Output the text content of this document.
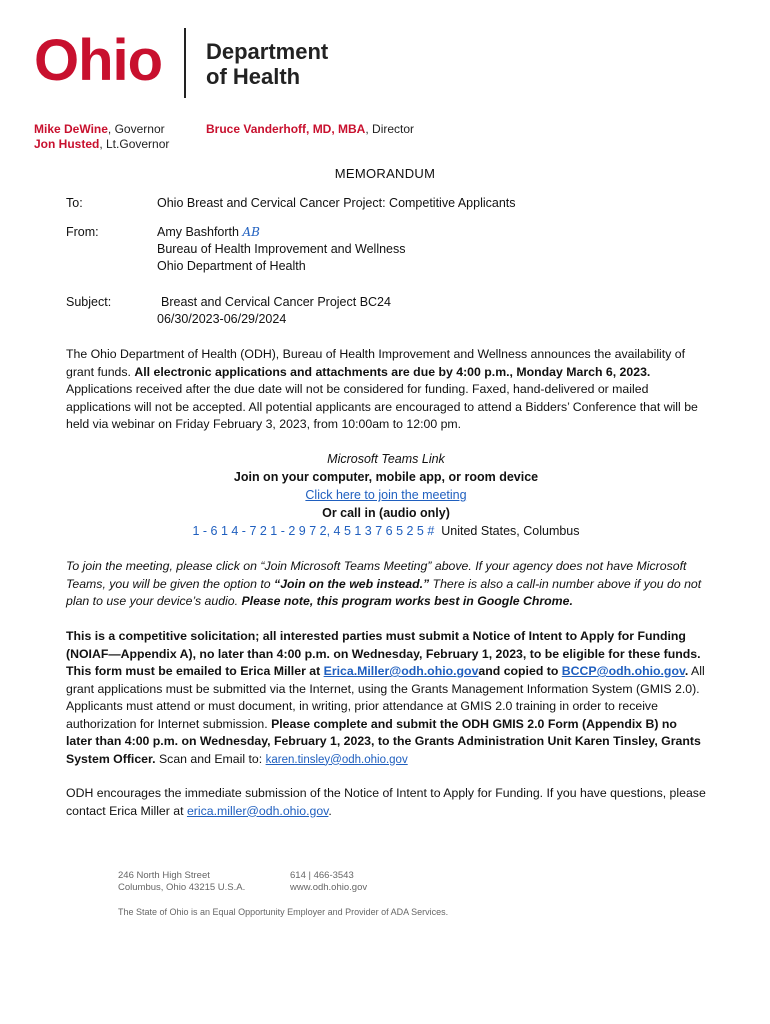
Ohio Department
of Health
Mike DeWine, Governor
Jon Husted, Lt.Governor
Bruce Vanderhoff, MD, MBA, Director
MEMORANDUM
To:	Ohio Breast and Cervical Cancer Project: Competitive Applicants
From:	Amy Bashforth AB
Bureau of Health Improvement and Wellness
Ohio Department of Health
Subject:	Breast and Cervical Cancer Project BC24
06/30/2023-06/29/2024
The Ohio Department of Health (ODH), Bureau of Health Improvement and Wellness announces the availability of grant funds. All electronic applications and attachments are due by 4:00 p.m., Monday March 6, 2023. Applications received after the due date will not be considered for funding. Faxed, hand-delivered or mailed applications will not be accepted. All potential applicants are encouraged to attend a Bidders’ Conference that will be held via webinar on Friday February 3, 2023, from 10:00am to 12:00 pm.
Microsoft Teams Link
Join on your computer, mobile app, or room device
Click here to join the meeting
Or call in (audio only)
1 - 6 1 4 - 7 2 1 - 2 9 7 2, 4 5 1 3 7 6 5 2 5 # United States, Columbus
To join the meeting, please click on “Join Microsoft Teams Meeting” above. If your agency does not have Microsoft Teams, you will be given the option to “Join on the web instead.” There is also a call-in number above if you do not plan to use your device’s audio. Please note, this program works best in Google Chrome.
This is a competitive solicitation; all interested parties must submit a Notice of Intent to Apply for Funding (NOIAF—Appendix A), no later than 4:00 p.m. on Wednesday, February 1, 2023, to be eligible for these funds. This form must be emailed to Erica Miller at Erica.Miller@odh.ohio.govand copied to BCCP@odh.ohio.gov. All grant applications must be submitted via the Internet, using the Grants Management Information System (GMIS 2.0). Applicants must attend or must document, in writing, prior attendance at GMIS 2.0 training in order to receive authorization for Internet submission. Please complete and submit the ODH GMIS 2.0 Form (Appendix B) no later than 4:00 p.m. on Wednesday, February 1, 2023, to the Grants Administration Unit Karen Tinsley, Grants System Officer. Scan and Email to: karen.tinsley@odh.ohio.gov
ODH encourages the immediate submission of the Notice of Intent to Apply for Funding. If you have questions, please contact Erica Miller at erica.miller@odh.ohio.gov.
246 North High Street
Columbus, Ohio 43215 U.S.A.
614 | 466-3543
www.odh.ohio.gov
The State of Ohio is an Equal Opportunity Employer and Provider of ADA Services.
